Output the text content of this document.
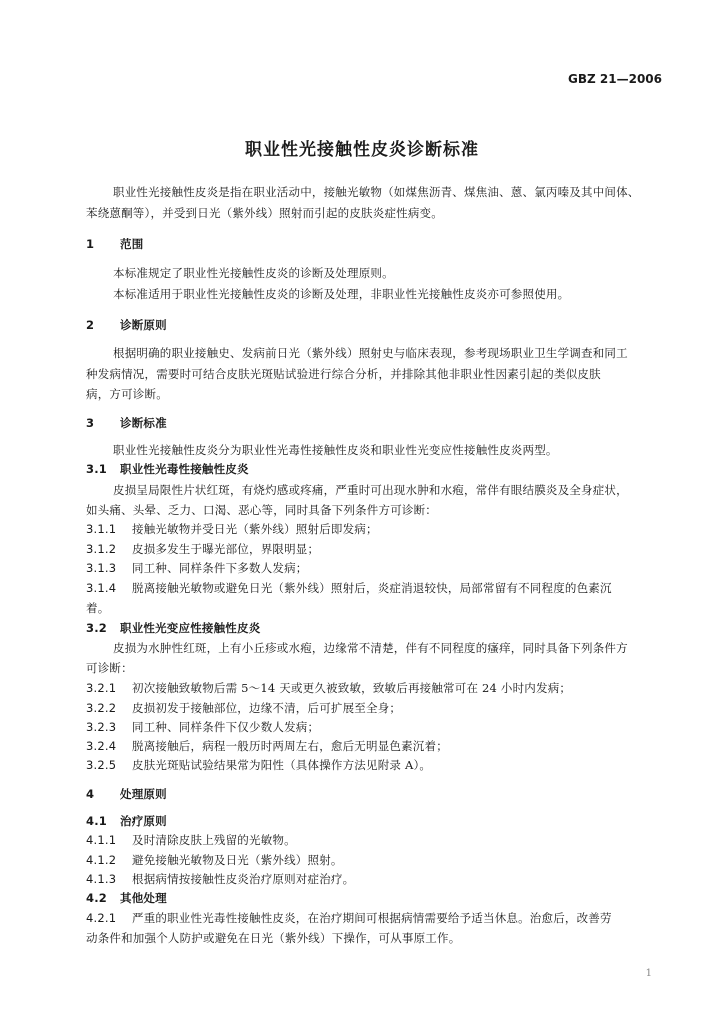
GBZ 21—2006
职业性光接触性皮炎诊断标准
职业性光接触性皮炎是指在职业活动中，接触光敏物（如煤焦沥青、煤焦油、蒽、氯丙嗪及其中间体、
苯绕蒽酮等），并受到日光（紫外线）照射而引起的皮肤炎症性病变。
1 范围
本标准规定了职业性光接触性皮炎的诊断及处理原则。
本标准适用于职业性光接触性皮炎的诊断及处理，非职业性光接触性皮炎亦可参照使用。
2 诊断原则
根据明确的职业接触史、发病前日光（紫外线）照射史与临床表现，参考现场职业卫生学调查和同工
种发病情况，需要时可结合皮肤光斑贴试验进行综合分析，并排除其他非职业性因素引起的类似皮肤
病，方可诊断。
3 诊断标准
职业性光接触性皮炎分为职业性光毒性接触性皮炎和职业性光变应性接触性皮炎两型。
3.1 职业性光毒性接触性皮炎
皮损呈局限性片状红斑，有烧灼感或疼痛，严重时可出现水肿和水疱，常伴有眼结膜炎及全身症状，
如头痛、头晕、乏力、口渴、恶心等，同时具备下列条件方可诊断：
3.1.1 接触光敏物并受日光（紫外线）照射后即发病；
3.1.2 皮损多发生于曝光部位，界限明显；
3.1.3 同工种、同样条件下多数人发病；
3.1.4 脱离接触光敏物或避免日光（紫外线）照射后，炎症消退较快，局部常留有不同程度的色素沉
着。
3.2 职业性光变应性接触性皮炎
皮损为水肿性红斑，上有小丘疹或水疱，边缘常不清楚，伴有不同程度的瘙痒，同时具备下列条件方
可诊断：
3.2.1 初次接触致敏物后需 5～14 天或更久被致敏，致敏后再接触常可在 24 小时内发病；
3.2.2 皮损初发于接触部位，边缘不清，后可扩展至全身；
3.2.3 同工种、同样条件下仅少数人发病；
3.2.4 脱离接触后，病程一般历时两周左右，愈后无明显色素沉着；
3.2.5 皮肤光斑贴试验结果常为阳性（具体操作方法见附录 A）。
4 处理原则
4.1 治疗原则
4.1.1 及时清除皮肤上残留的光敏物。
4.1.2 避免接触光敏物及日光（紫外线）照射。
4.1.3 根据病情按接触性皮炎治疗原则对症治疗。
4.2 其他处理
4.2.1 严重的职业性光毒性接触性皮炎，在治疗期间可根据病情需要给予适当休息。治愈后，改善劳
动条件和加强个人防护或避免在日光（紫外线）下操作，可从事原工作。
1
